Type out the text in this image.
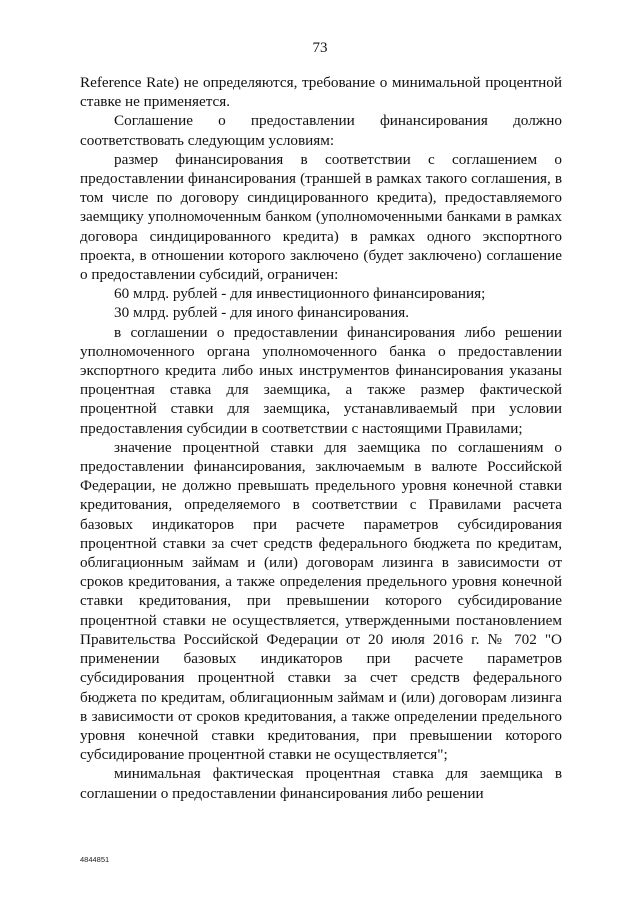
73

Reference Rate) не определяются, требование о минимальной процентной ставке не применяется.

Соглашение о предоставлении финансирования должно соответствовать следующим условиям:

размер финансирования в соответствии с соглашением о предоставлении финансирования (траншей в рамках такого соглашения, в том числе по договору синдицированного кредита), предоставляемого заемщику уполномоченным банком (уполномоченными банками в рамках договора синдицированного кредита) в рамках одного экспортного проекта, в отношении которого заключено (будет заключено) соглашение о предоставлении субсидий, ограничен:

60 млрд. рублей - для инвестиционного финансирования;

30 млрд. рублей - для иного финансирования.

в соглашении о предоставлении финансирования либо решении уполномоченного органа уполномоченного банка о предоставлении экспортного кредита либо иных инструментов финансирования указаны процентная ставка для заемщика, а также размер фактической процентной ставки для заемщика, устанавливаемый при условии предоставления субсидии в соответствии с настоящими Правилами;

значение процентной ставки для заемщика по соглашениям о предоставлении финансирования, заключаемым в валюте Российской Федерации, не должно превышать предельного уровня конечной ставки кредитования, определяемого в соответствии с Правилами расчета базовых индикаторов при расчете параметров субсидирования процентной ставки за счет средств федерального бюджета по кредитам, облигационным займам и (или) договорам лизинга в зависимости от сроков кредитования, а также определения предельного уровня конечной ставки кредитования, при превышении которого субсидирование процентной ставки не осуществляется, утвержденными постановлением Правительства Российской Федерации от 20 июля 2016 г. № 702 "О применении базовых индикаторов при расчете параметров субсидирования процентной ставки за счет средств федерального бюджета по кредитам, облигационным займам и (или) договорам лизинга в зависимости от сроков кредитования, а также определении предельного уровня конечной ставки кредитования, при превышении которого субсидирование процентной ставки не осуществляется";

минимальная фактическая процентная ставка для заемщика в соглашении о предоставлении финансирования либо решении

4844851
